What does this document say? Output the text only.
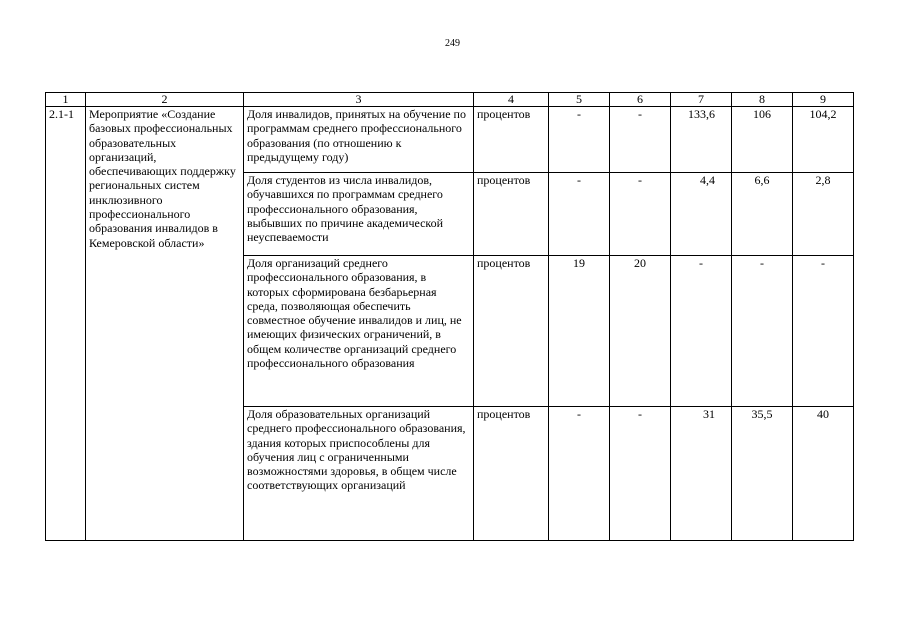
249
1	2	3	4	5	6	7	8	9
2.1-1	Мероприятие «Создание базовых профессиональных образовательных организаций, обеспечивающих поддержку региональных систем инклюзивного профессионального образования инвалидов в Кемеровской области»	Доля инвалидов, принятых на обучение по программам среднего профессионального образования (по отношению к предыдущему году)	процентов	-	-	133,6	106	104,2
		Доля студентов из числа инвалидов, обучавшихся по программам среднего профессионального образования, выбывших по причине академической неуспеваемости	процентов	-	-	4,4	6,6	2,8
		Доля организаций среднего профессионального образования, в которых сформирована безбарьерная среда, позволяющая обеспечить совместное обучение инвалидов и лиц, не имеющих физических ограничений, в общем количестве организаций среднего профессионального образования	процентов	19	20	-	-	-
		Доля образовательных организаций среднего профессионального образования, здания которых приспособлены для обучения лиц с ограниченными возможностями здоровья, в общем числе соответствующих организаций	процентов	-	-	31	35,5	40
